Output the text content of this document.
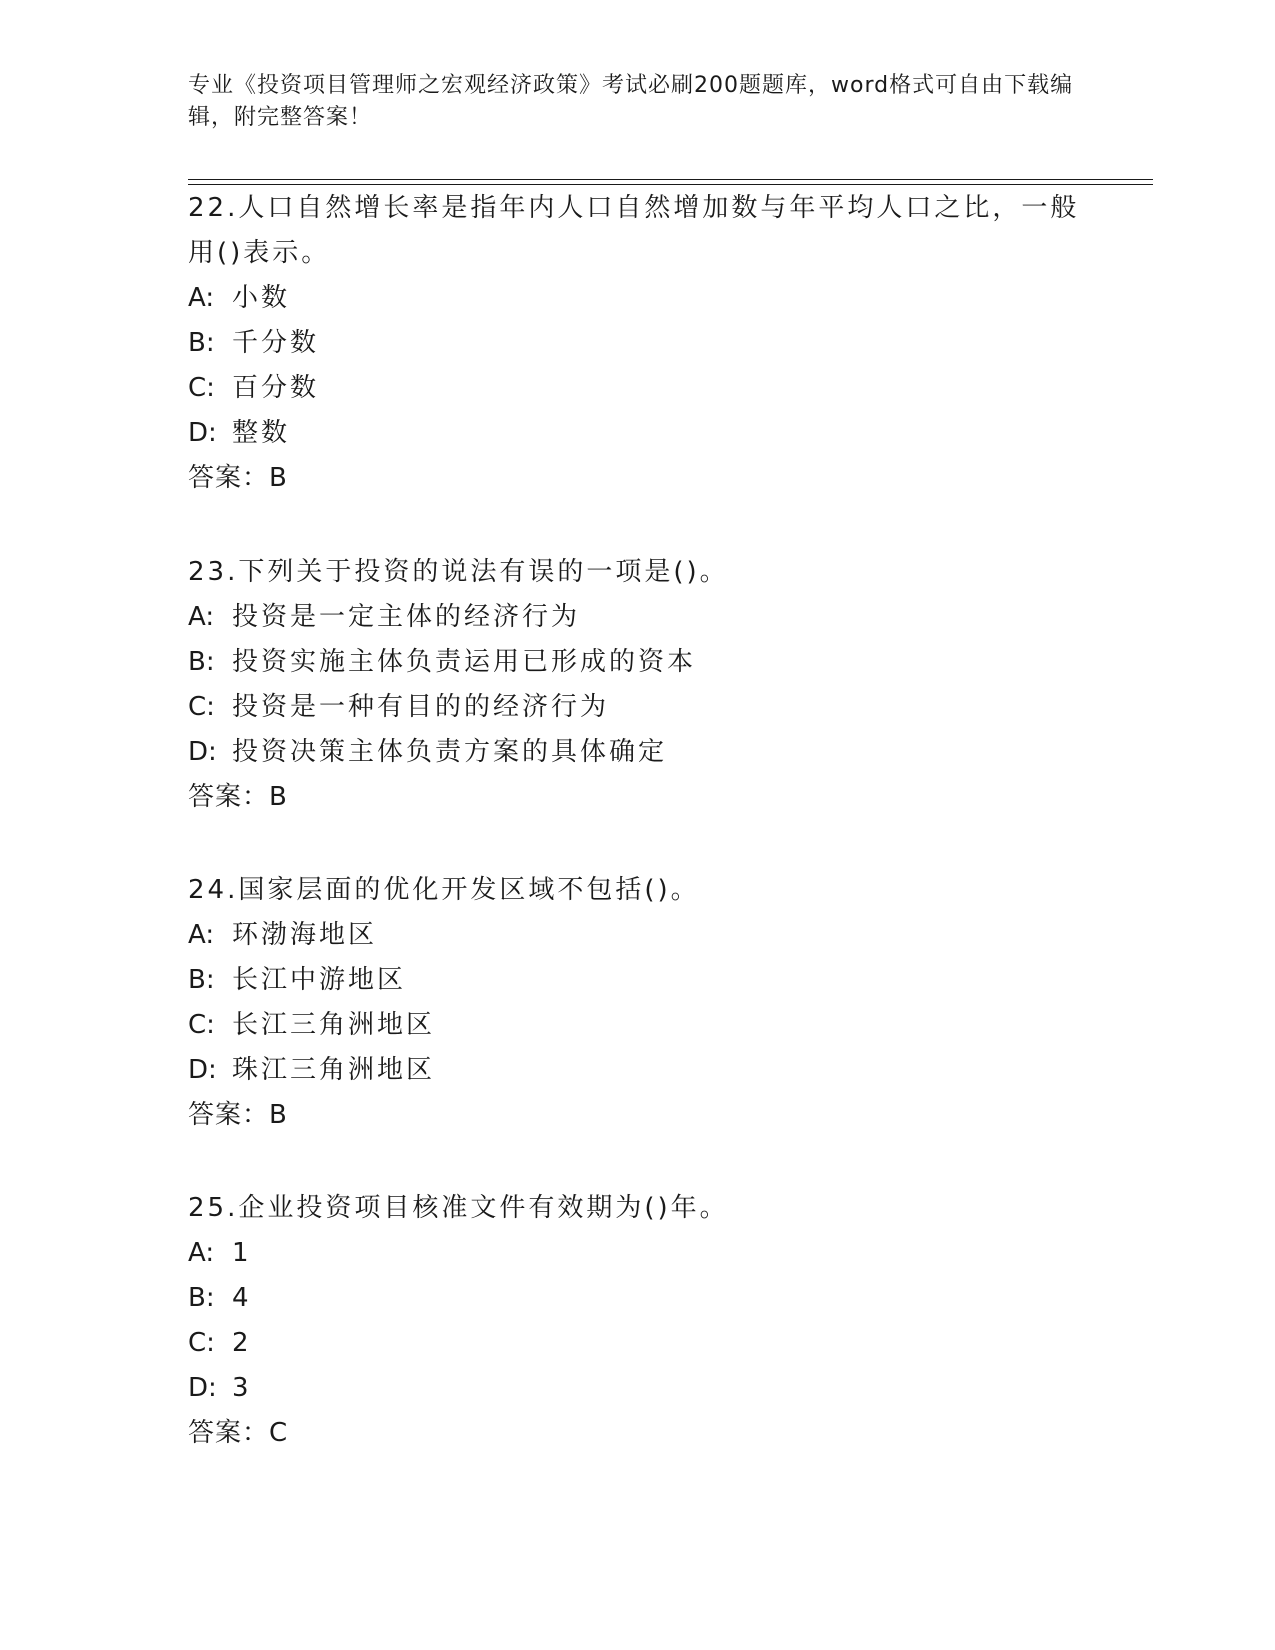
专业《投资项目管理师之宏观经济政策》考试必刷200题题库，word格式可自由下载编辑，附完整答案！

22.人口自然增长率是指年内人口自然增加数与年平均人口之比，一般用()表示。

A: 小数

B: 千分数

C: 百分数

D: 整数

答案：B

23.下列关于投资的说法有误的一项是()。

A: 投资是一定主体的经济行为

B: 投资实施主体负责运用已形成的资本

C: 投资是一种有目的的经济行为

D: 投资决策主体负责方案的具体确定

答案：B

24.国家层面的优化开发区域不包括()。

A: 环渤海地区

B: 长江中游地区

C: 长江三角洲地区

D: 珠江三角洲地区

答案：B

25.企业投资项目核准文件有效期为()年。

A: 1

B: 4

C: 2

D: 3

答案：C
